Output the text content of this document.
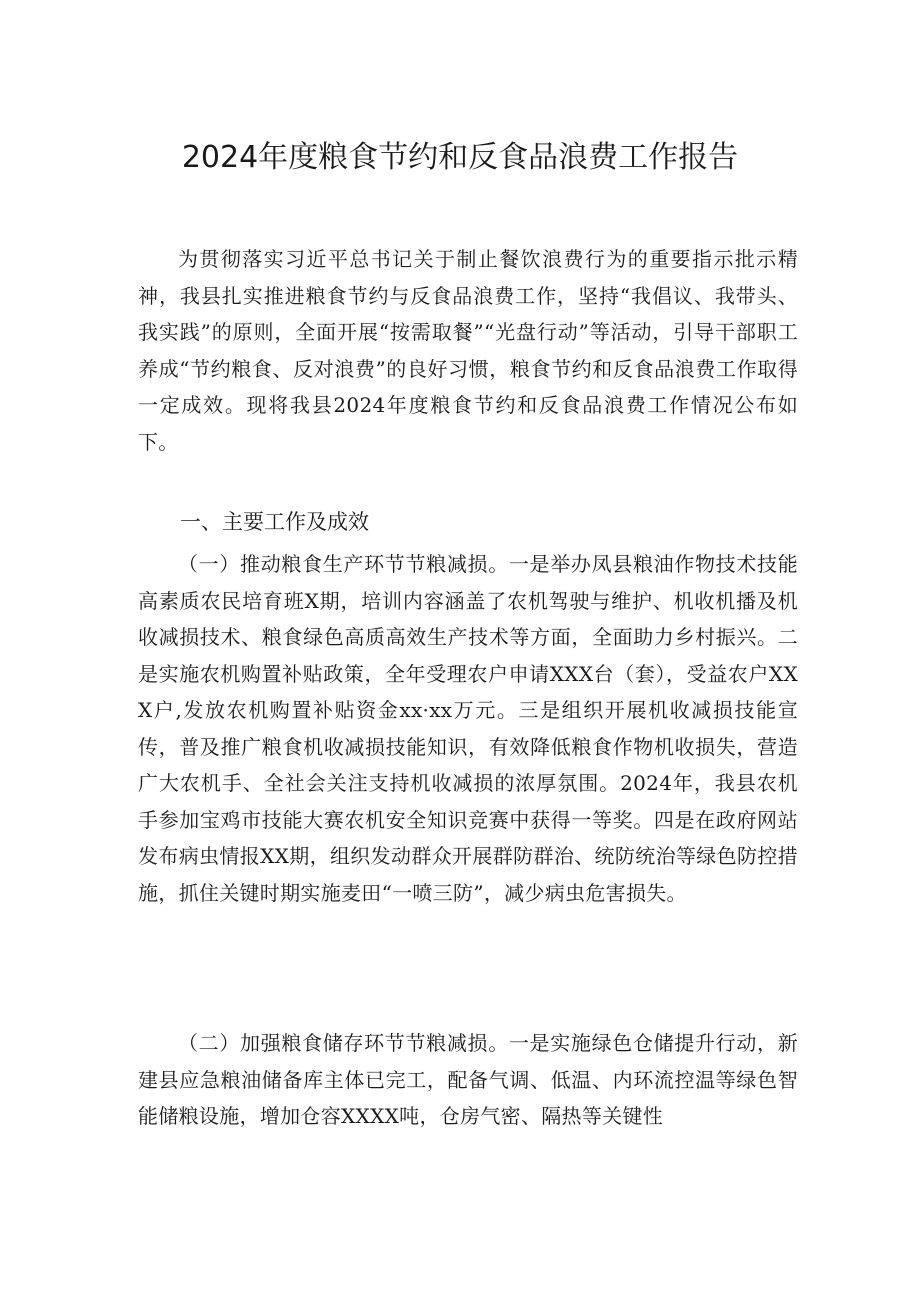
2024年度粮食节约和反食品浪费工作报告

为贯彻落实习近平总书记关于制止餐饮浪费行为的重要指示批示精神，我县扎实推进粮食节约与反食品浪费工作，坚持“我倡议、我带头、我实践”的原则，全面开展“按需取餐”“光盘行动”等活动，引导干部职工养成“节约粮食、反对浪费”的良好习惯，粮食节约和反食品浪费工作取得一定成效。现将我县2024年度粮食节约和反食品浪费工作情况公布如下。

一、主要工作及成效

（一）推动粮食生产环节节粮减损。一是举办凤县粮油作物技术技能高素质农民培育班X期，培训内容涵盖了农机驾驶与维护、机收机播及机收减损技术、粮食绿色高质高效生产技术等方面，全面助力乡村振兴。二是实施农机购置补贴政策，全年受理农户申请XXX台（套），受益农户XXX户,发放农机购置补贴资金xx·xx万元。三是组织开展机收减损技能宣传，普及推广粮食机收减损技能知识，有效降低粮食作物机收损失，营造广大农机手、全社会关注支持机收减损的浓厚氛围。2024年，我县农机手参加宝鸡市技能大赛农机安全知识竞赛中获得一等奖。四是在政府网站发布病虫情报XX期，组织发动群众开展群防群治、统防统治等绿色防控措施，抓住关键时期实施麦田“一喷三防”，减少病虫危害损失。

（二）加强粮食储存环节节粮减损。一是实施绿色仓储提升行动，新建县应急粮油储备库主体已完工，配备气调、低温、内环流控温等绿色智能储粮设施，增加仓容XXXX吨，仓房气密、隔热等关键性
